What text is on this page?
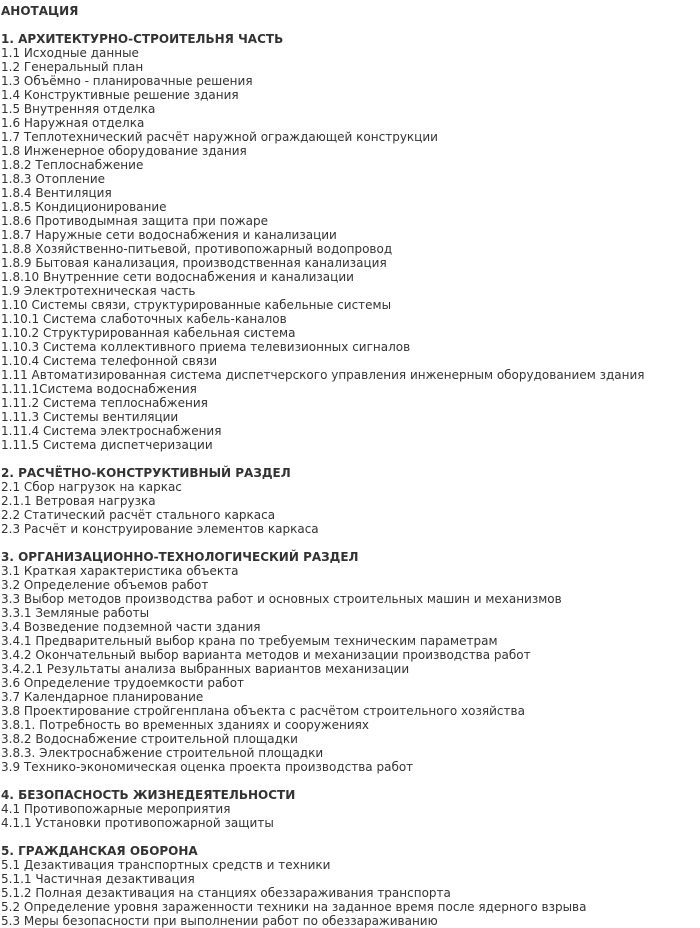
АНОТАЦИЯ
1. АРХИТЕКТУРНО-СТРОИТЕЛЬНЯ ЧАСТЬ
1.1 Исходные данные
1.2 Генеральный план
1.3 Объёмно - планировачные решения
1.4 Конструктивные решение здания
1.5 Внутренняя отделка
1.6 Наружная отделка
1.7 Теплотехнический расчёт наружной ограждающей конструкции
1.8 Инженерное оборудование здания
1.8.2 Теплоснабжение
1.8.3 Отопление
1.8.4 Вентиляция
1.8.5 Кондиционирование
1.8.6 Противодымная защита при пожаре
1.8.7 Наружные сети водоснабжения и канализации
1.8.8 Хозяйственно-питьевой, противопожарный водопровод
1.8.9 Бытовая канализация, производственная канализация
1.8.10 Внутренние сети водоснабжения и канализации
1.9 Электротехническая часть
1.10 Системы связи, структурированные кабельные системы
1.10.1 Система слаботочных кабель-каналов
1.10.2 Структурированная кабельная система
1.10.3 Система коллективного приема телевизионных сигналов
1.10.4 Система телефонной связи
1.11 Автоматизированная система диспетчерского управления инженерным оборудованием здания
1.11.1Система водоснабжения
1.11.2 Система теплоснабжения
1.11.3 Системы вентиляции
1.11.4 Система электроснабжения
1.11.5 Система диспетчеризации
2. РАСЧЁТНО-КОНСТРУКТИВНЫЙ РАЗДЕЛ
2.1 Сбор нагрузок на каркас
2.1.1 Ветровая нагрузка
2.2 Статический расчёт стального каркаса
2.3 Расчёт и конструирование элементов каркаса
3. ОРГАНИЗАЦИОННО-ТЕХНОЛОГИЧЕСКИЙ РАЗДЕЛ
3.1 Краткая характеристика объекта
3.2 Определение объемов работ
3.3 Выбор методов производства работ и основных строительных машин и механизмов
3.3.1 Земляные работы
3.4 Возведение подземной части здания
3.4.1 Предварительный выбор крана по требуемым техническим параметрам
3.4.2 Окончательный выбор варианта методов и механизации производства работ
3.4.2.1 Результаты анализа выбранных вариантов механизации
3.6 Определение трудоемкости работ
3.7 Календарное планирование
3.8 Проектирование стройгенплана объекта с расчётом строительного хозяйства
3.8.1. Потребность во временных зданиях и сооружениях
3.8.2 Водоснабжение строительной площадки
3.8.3. Электроснабжение строительной площадки
3.9 Технико-экономическая оценка проекта производства работ
4. БЕЗОПАСНОСТЬ ЖИЗНЕДЕЯТЕЛЬНОСТИ
4.1 Противопожарные мероприятия
4.1.1 Установки противопожарной защиты
5. ГРАЖДАНСКАЯ ОБОРОНА
5.1 Дезактивация транспортных средств и техники
5.1.1 Частичная дезактивация
5.1.2 Полная дезактивация на станциях обеззараживания транспорта
5.2 Определение уровня зараженности техники на заданное время после ядерного взрыва
5.3 Меры безопасности при выполнении работ по обеззараживанию
